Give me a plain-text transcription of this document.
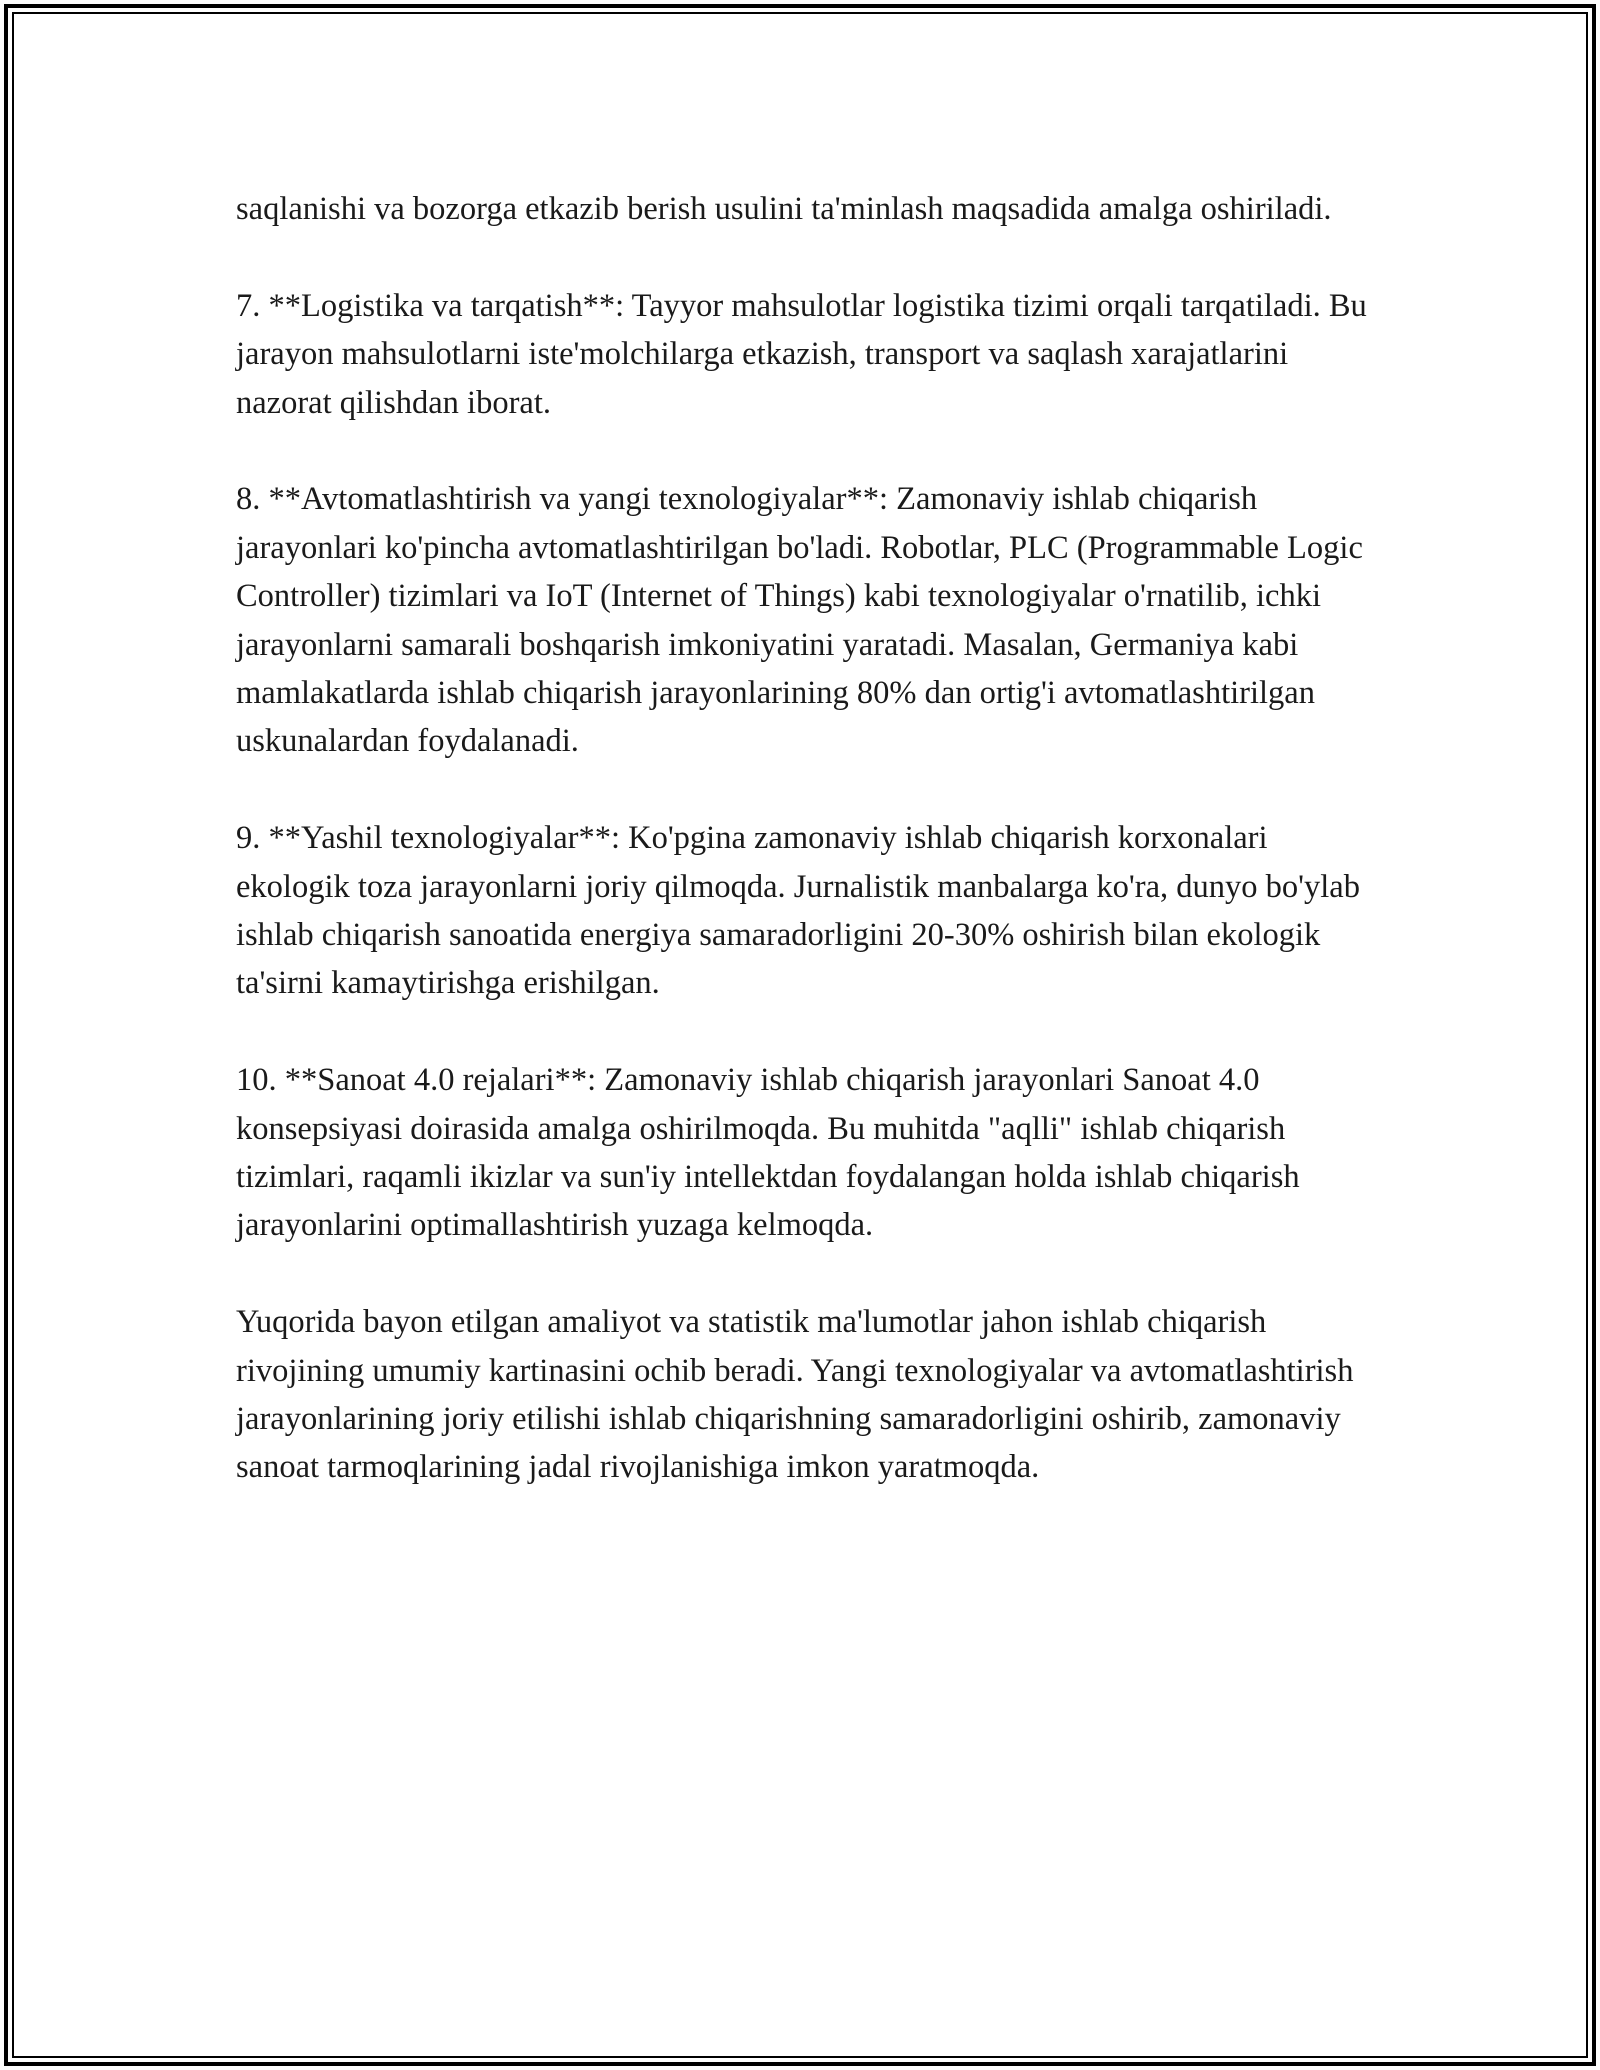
saqlanishi va bozorga etkazib berish usulini ta'minlash maqsadida amalga oshiriladi.

7. **Logistika va tarqatish**: Tayyor mahsulotlar logistika tizimi orqali tarqatiladi. Bu jarayon mahsulotlarni iste'molchilarga etkazish, transport va saqlash xarajatlarini nazorat qilishdan iborat.

8. **Avtomatlashtirish va yangi texnologiyalar**: Zamonaviy ishlab chiqarish jarayonlari ko'pincha avtomatlashtirilgan bo'ladi. Robotlar, PLC (Programmable Logic Controller) tizimlari va IoT (Internet of Things) kabi texnologiyalar o'rnatilib, ichki jarayonlarni samarali boshqarish imkoniyatini yaratadi. Masalan, Germaniya kabi mamlakatlarda ishlab chiqarish jarayonlarining 80% dan ortig'i avtomatlashtirilgan uskunalardan foydalanadi.

9. **Yashil texnologiyalar**: Ko'pgina zamonaviy ishlab chiqarish korxonalari ekologik toza jarayonlarni joriy qilmoqda. Jurnalistik manbalarga ko'ra, dunyo bo'ylab ishlab chiqarish sanoatida energiya samaradorligini 20-30% oshirish bilan ekologik ta'sirni kamaytirishga erishilgan.

10. **Sanoat 4.0 rejalari**: Zamonaviy ishlab chiqarish jarayonlari Sanoat 4.0 konsepsiyasi doirasida amalga oshirilmoqda. Bu muhitda "aqlli" ishlab chiqarish tizimlari, raqamli ikizlar va sun'iy intellektdan foydalangan holda ishlab chiqarish jarayonlarini optimallashtirish yuzaga kelmoqda.

Yuqorida bayon etilgan amaliyot va statistik ma'lumotlar jahon ishlab chiqarish rivojining umumiy kartinasini ochib beradi. Yangi texnologiyalar va avtomatlashtirish jarayonlarining joriy etilishi ishlab chiqarishning samaradorligini oshirib, zamonaviy sanoat tarmoqlarining jadal rivojlanishiga imkon yaratmoqda.
